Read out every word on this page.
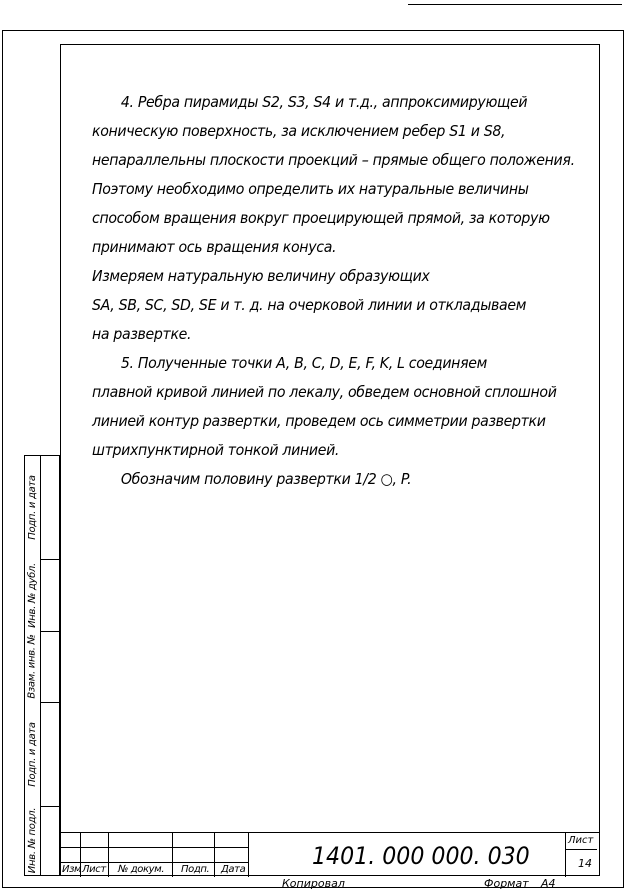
4. Ребра пирамиды S2, S3, S4 и т.д., аппроксимирующей
коническую поверхность, за исключением ребер S1 и S8,
непараллельны плоскости проекций – прямые общего положения.
Поэтому необходимо определить их натуральные величины
способом вращения вокруг проецирующей прямой, за которую
принимают ось вращения конуса.
Измеряем натуральную величину образующих
SA, SB, SC, SD, SE и т. д. на очерковой линии и откладываем
на развертке.
5. Полученные точки A, B, C, D, E, F, K, L соединяем
плавной кривой линией по лекалу, обведем основной сплошной
линией контур развертки, проведем ось симметрии развертки
штрихпунктирной тонкой линией.
Обозначим половину развертки 1/2 ○, P.
Подп. и дата
Инв. № дубл.
Взам. инв. №
Подп. и дата
Инв. № подл. Изм Лист № докум. Подп. Дата	1401. 000 000. 030
Лист
14
Копировал	Формат А4
